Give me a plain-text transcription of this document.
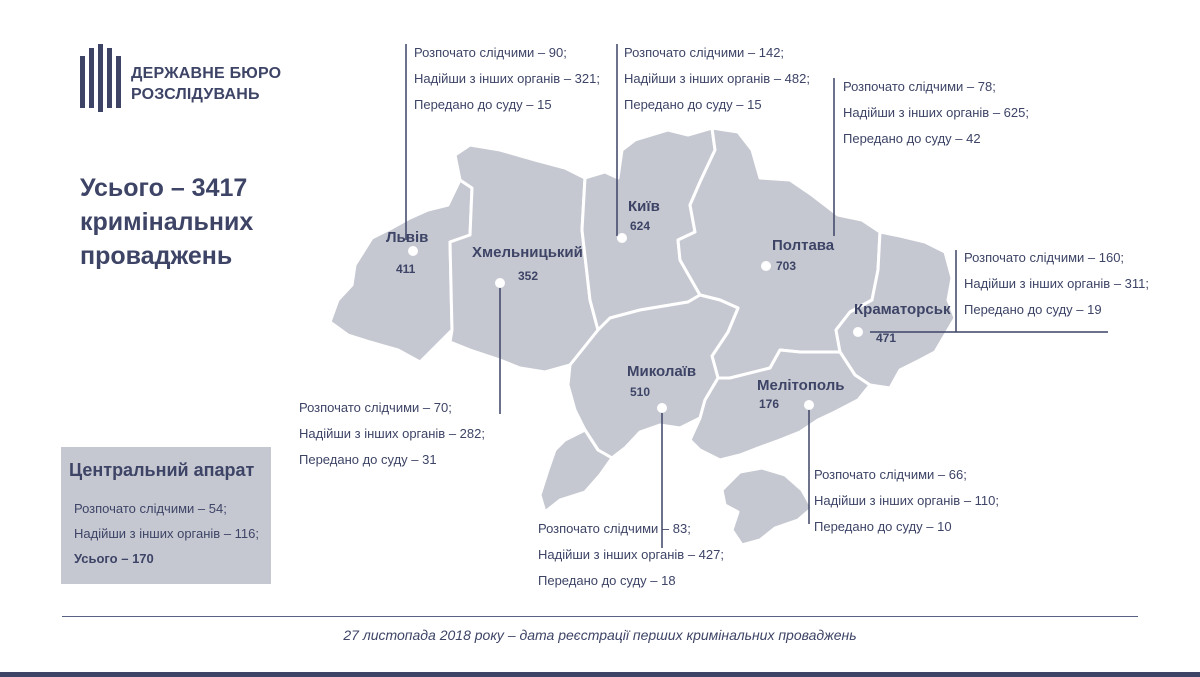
ДЕРЖАВНЕ БЮРО
РОЗСЛІДУВАНЬ
Усього – 3417
кримінальних
проваджень
Львів
411
Київ
624
Полтава
703
Краматорськ
471
Хмельницький
352
Миколаїв
510	Мелітополь
176
Розпочато слідчими – 90;
Надійши з інших органів – 321;
Передано до суду – 15
Розпочато слідчими – 142;
Надійши з інших органів – 482;
Передано до суду – 15
Розпочато слідчими – 78;
Надійши з інших органів – 625;
Передано до суду – 42
Розпочато слідчими – 160;
Надійши з інших органів – 311;
Передано до суду – 19
Розпочато слідчими – 70;
Надійши з інших органів – 282;
Передано до суду – 31
Розпочато слідчими – 83;
Надійши з інших органів – 427;
Передано до суду – 18
Розпочато слідчими – 66;
Надійши з інших органів – 110;
Передано до суду – 10
Центральний апарат
Розпочато слідчими – 54;
Надійши з інших органів – 116;
Усього – 170
27 листопада 2018 року – дата реєстрації перших кримінальних проваджень
